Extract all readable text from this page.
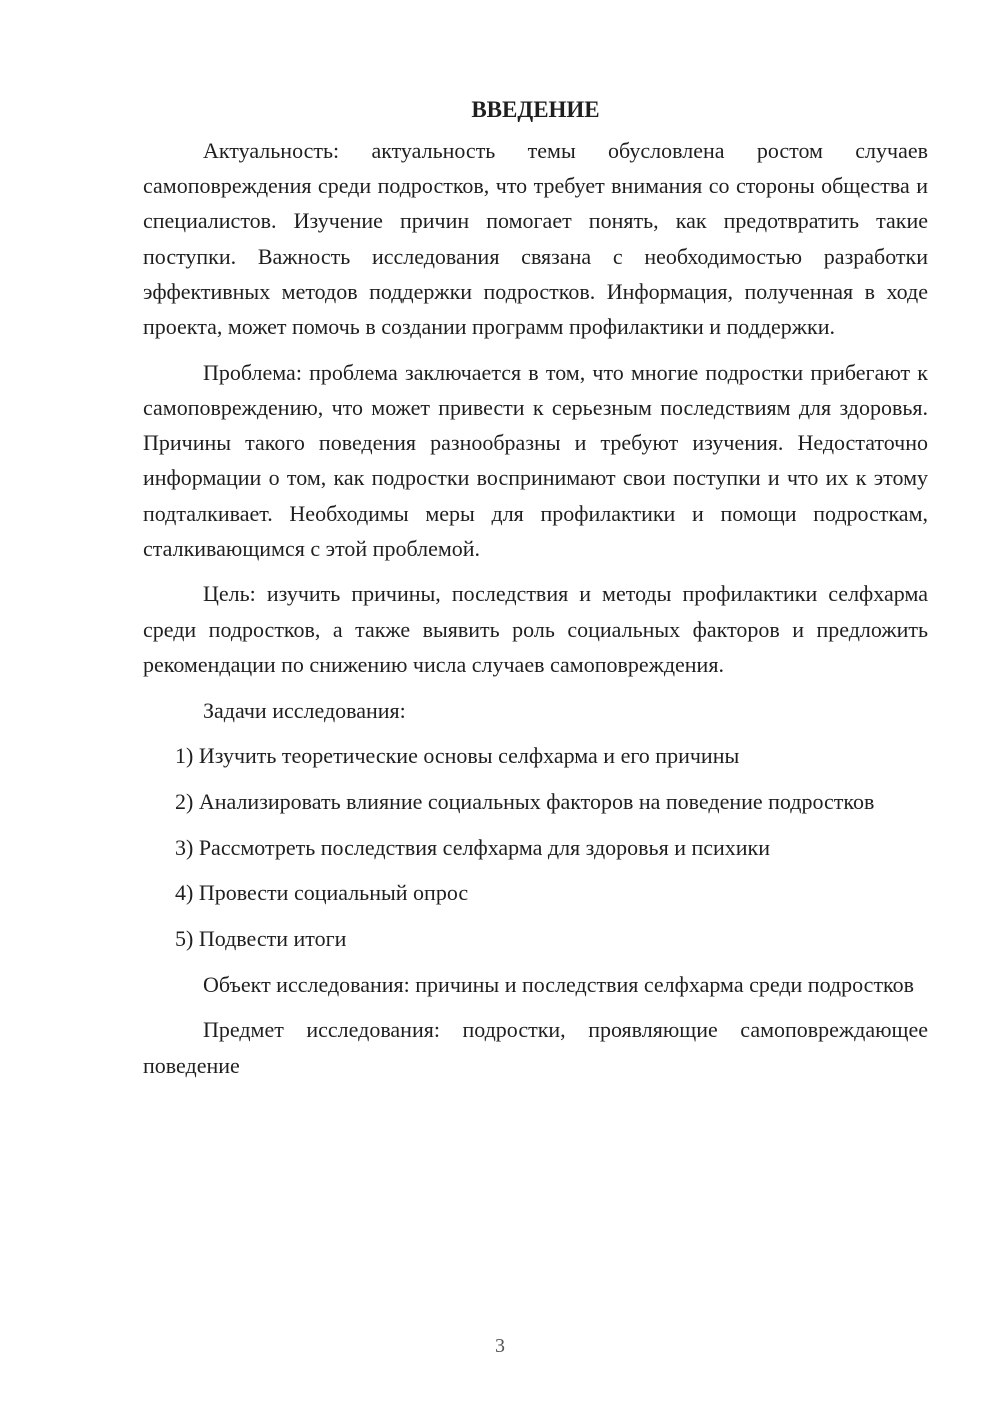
ВВЕДЕНИЕ

Актуальность: актуальность темы обусловлена ростом случаев самоповреждения среди подростков, что требует внимания со стороны общества и специалистов. Изучение причин помогает понять, как предотвратить такие поступки. Важность исследования связана с необходимостью разработки эффективных методов поддержки подростков. Информация, полученная в ходе проекта, может помочь в создании программ профилактики и поддержки.

Проблема: проблема заключается в том, что многие подростки прибегают к самоповреждению, что может привести к серьезным последствиям для здоровья. Причины такого поведения разнообразны и требуют изучения. Недостаточно информации о том, как подростки воспринимают свои поступки и что их к этому подталкивает. Необходимы меры для профилактики и помощи подросткам, сталкивающимся с этой проблемой.

Цель: изучить причины, последствия и методы профилактики селфхарма среди подростков, а также выявить роль социальных факторов и предложить рекомендации по снижению числа случаев самоповреждения.

Задачи исследования:

1) Изучить теоретические основы селфхарма и его причины

2) Анализировать влияние социальных факторов на поведение подростков

3) Рассмотреть последствия селфхарма для здоровья и психики

4) Провести социальный опрос

5) Подвести итоги

Объект исследования: причины и последствия селфхарма среди подростков

Предмет исследования: подростки, проявляющие самоповреждающее поведение

3
